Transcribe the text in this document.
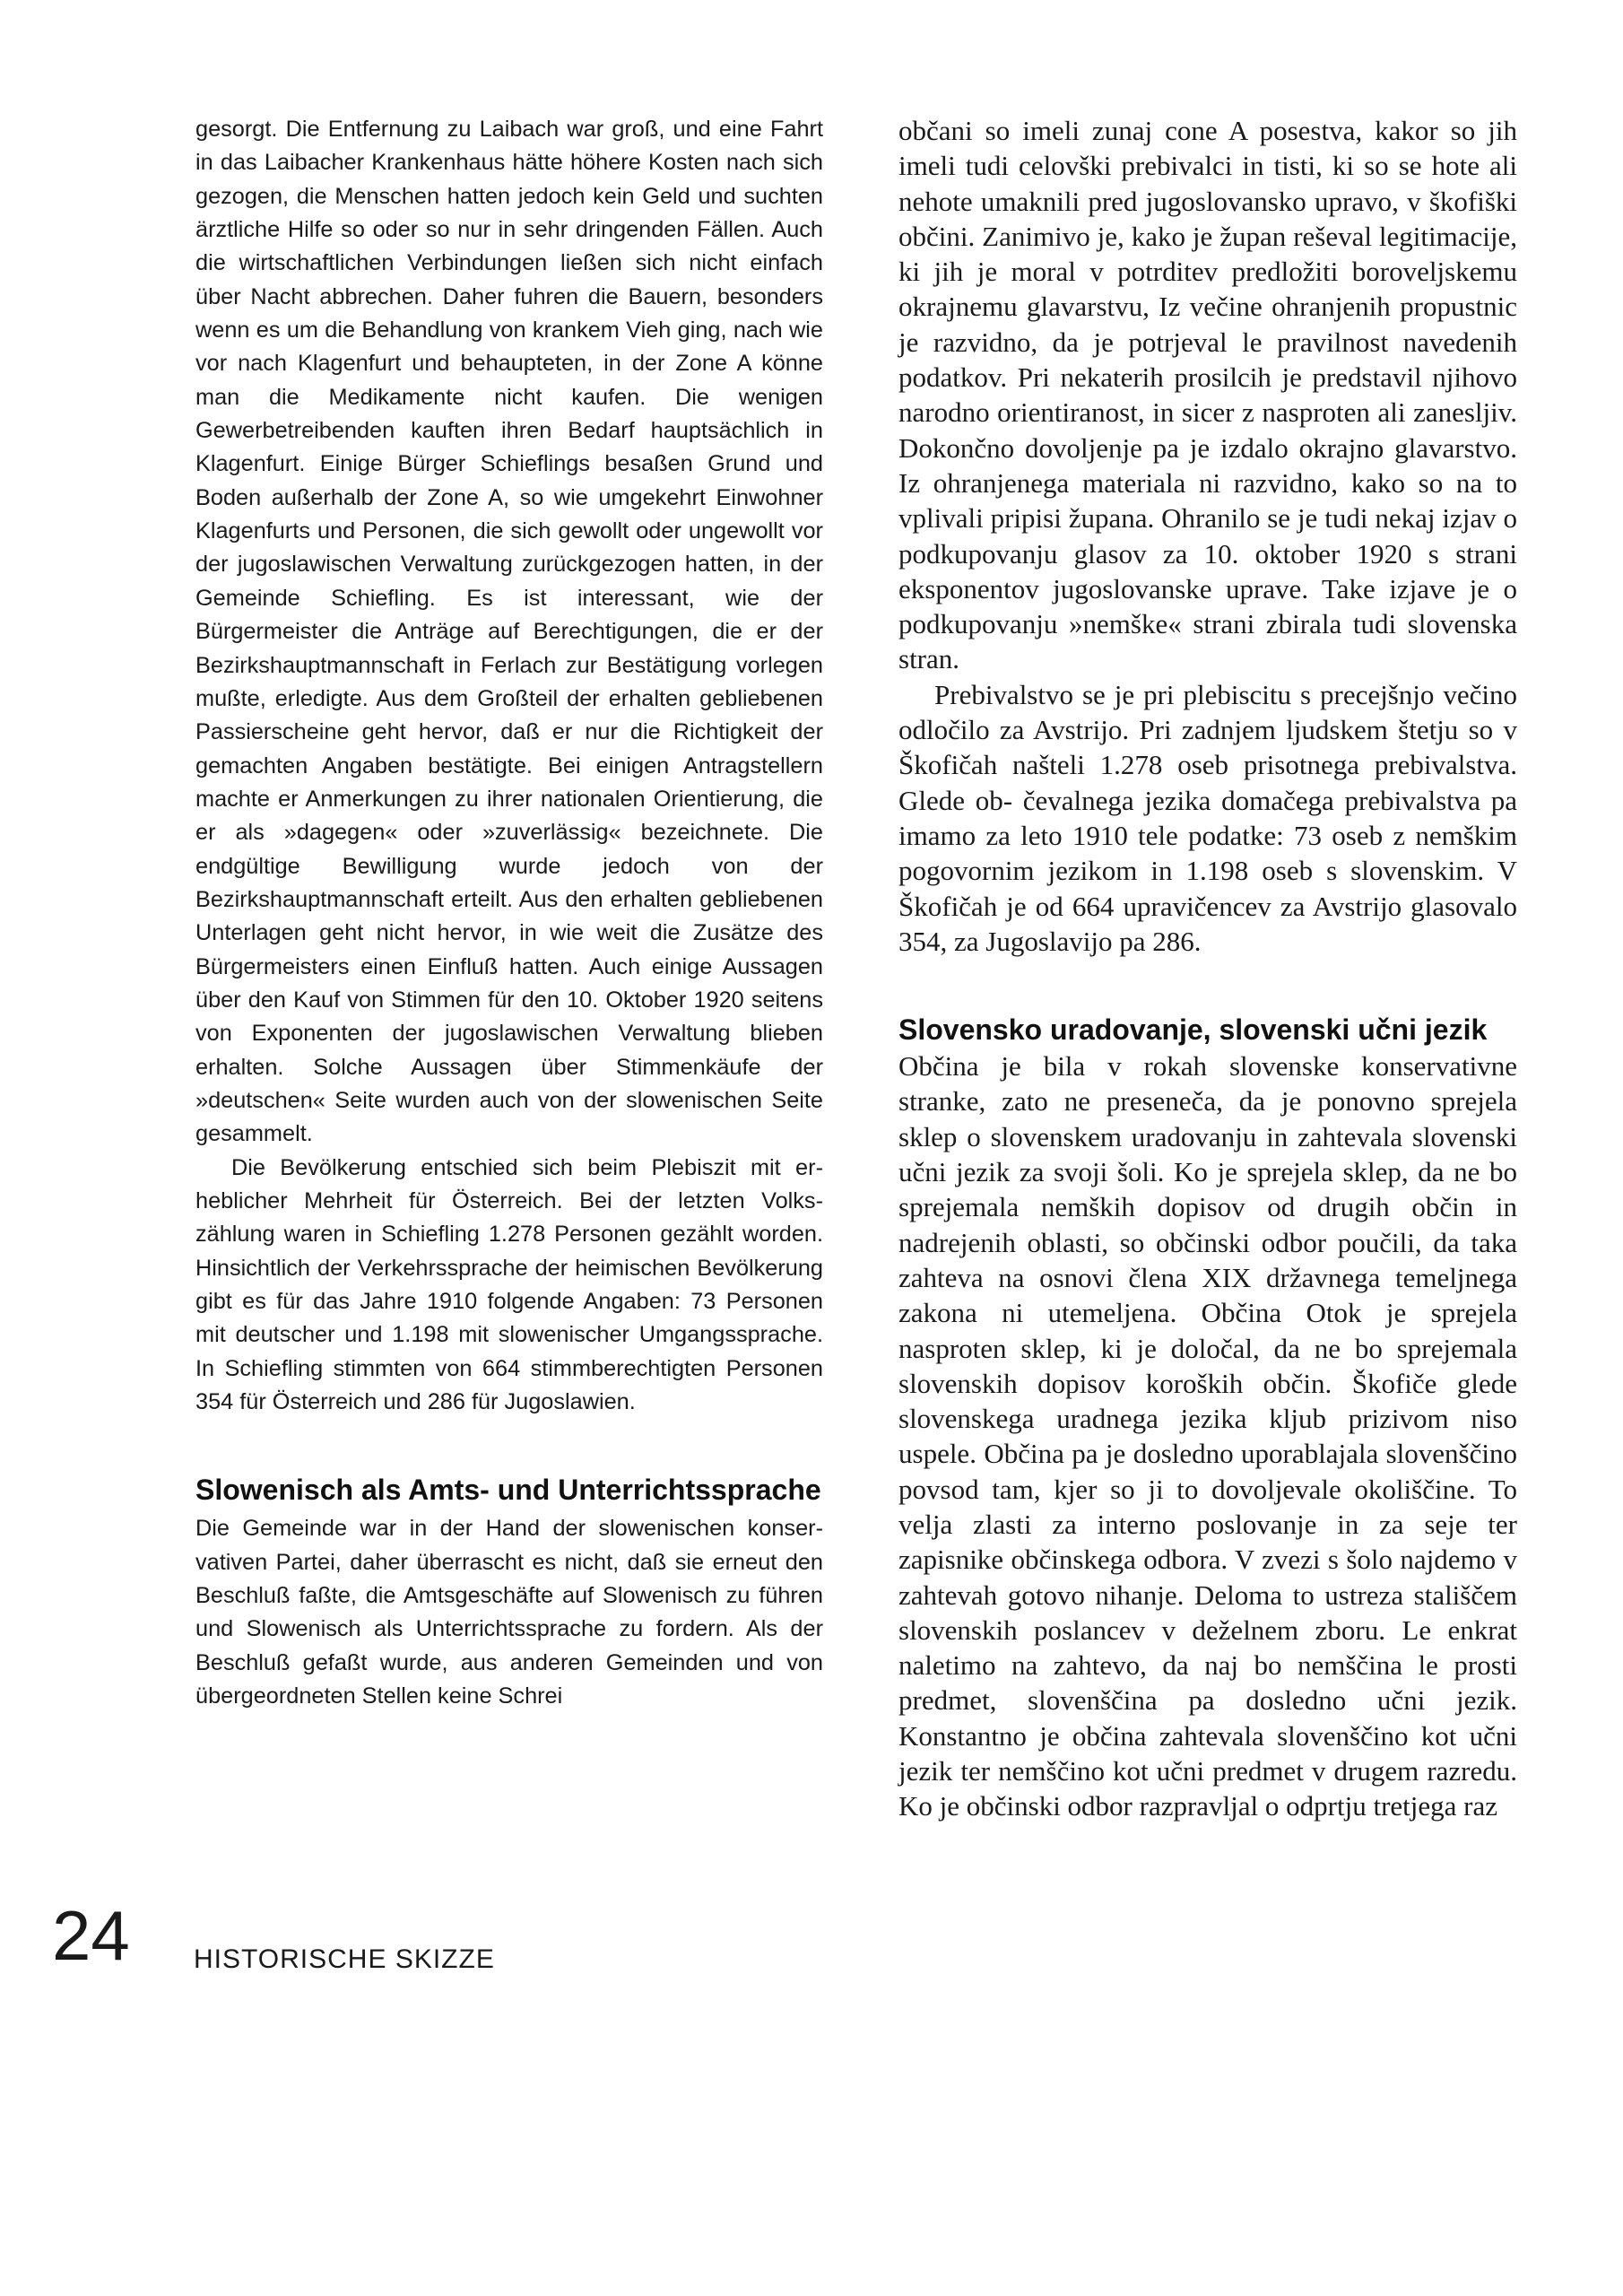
gesorgt. Die Entfernung zu Laibach war groß, und eine Fahrt in das Laibacher Krankenhaus hätte höhere Kosten nach sich gezogen, die Menschen hatten jedoch kein Geld und suchten ärztliche Hilfe so oder so nur in sehr dringenden Fällen. Auch die wirtschaftlichen Verbindungen ließen sich nicht einfach über Nacht abbrechen. Daher fuhren die Bauern, besonders wenn es um die Behandlung von krankem Vieh ging, nach wie vor nach Klagenfurt und behaupteten, in der Zone A könne man die Medikamente nicht kaufen. Die wenigen Gewerbetreibenden kauften ihren Bedarf hauptsächlich in Klagenfurt. Einige Bürger Schieflings besaßen Grund und Boden außerhalb der Zone A, so wie umgekehrt Einwohner Klagenfurts und Personen, die sich gewollt oder ungewollt vor der jugoslawischen Verwaltung zurückgezogen hatten, in der Gemeinde Schiefling. Es ist interessant, wie der Bürgermeister die Anträge auf Berechtigungen, die er der Bezirkshauptmannschaft in Ferlach zur Bestätigung vorlegen mußte, erledigte. Aus dem Großteil der erhalten gebliebenen Passierscheine geht hervor, daß er nur die Richtigkeit der gemachten Angaben bestätigte. Bei einigen Antragstellern machte er Anmerkungen zu ihrer nationalen Orientierung, die er als »dagegen« oder »zuverlässig« bezeichnete. Die endgültige Bewilligung wurde jedoch von der Bezirkshauptmannschaft erteilt. Aus den erhalten gebliebenen Unterlagen geht nicht hervor, in wie weit die Zusätze des Bürgermeisters einen Einfluß hatten. Auch einige Aussagen über den Kauf von Stimmen für den 10. Oktober 1920 seitens von Exponenten der jugoslawischen Verwaltung blieben erhalten. Solche Aussagen über Stimmenkäufe der »deutschen« Seite wurden auch von der slowenischen Seite gesammelt.

Die Bevölkerung entschied sich beim Plebiszit mit erheblicher Mehrheit für Österreich. Bei der letzten Volkszählung waren in Schiefling 1.278 Personen gezählt worden. Hinsichtlich der Verkehrssprache der heimischen Bevölkerung gibt es für das Jahre 1910 folgende Angaben: 73 Personen mit deutscher und 1.198 mit slowenischer Umgangssprache. In Schiefling stimmten von 664 stimmberechtigten Personen 354 für Österreich und 286 für Jugoslawien.

Slowenisch als Amts- und Unterrichtssprache

Die Gemeinde war in der Hand der slowenischen konservativen Partei, daher überrascht es nicht, daß sie erneut den Beschluß faßte, die Amtsgeschäfte auf Slowenisch zu führen und Slowenisch als Unterrichtssprache zu fordern. Als der Beschluß gefaßt wurde, aus anderen Gemeinden und von übergeordneten Stellen keine Schrei

občani so imeli zunaj cone A posestva, kakor so jih imeli tudi celovški prebivalci in tisti, ki so se hote ali nehote umaknili pred jugoslovansko upravo, v škofiški občini. Zanimivo je, kako je župan reševal legitimacije, ki jih je moral v potrditev predložiti boroveljskemu okrajnemu glavarstvu, Iz večine ohranjenih propustnic je razvidno, da je potrjeval le pravilnost navedenih podatkov. Pri nekaterih prosilcih je predstavil njihovo narodno orientiranost, in sicer z nasproten ali zanesljiv. Dokončno dovoljenje pa je izdalo okrajno glavarstvo. Iz ohranjenega materiala ni razvidno, kako so na to vplivali pripisi župana. Ohranilo se je tudi nekaj izjav o podkupovanju glasov za 10. oktober 1920 s strani eksponentov jugoslovanske uprave. Take izjave je o podkupovanju »nemške« strani zbirala tudi slovenska stran.

Prebivalstvo se je pri plebiscitu s precejšnjo večino odločilo za Avstrijo. Pri zadnjem ljudskem štetju so v Škofičah našteli 1.278 oseb prisotnega prebivalstva. Glede ob- čevalnega jezika domačega prebivalstva pa imamo za leto 1910 tele podatke: 73 oseb z nemškim pogovornim jezikom in 1.198 oseb s slovenskim. V Škofičah je od 664 upravičencev za Avstrijo glasovalo 354, za Jugoslavijo pa 286.

Slovensko uradovanje, slovenski učni jezik

Občina je bila v rokah slovenske konservativne stranke, zato ne preseneča, da je ponovno sprejela sklep o slovenskem uradovanju in zahtevala slovenski učni jezik za svoji šoli. Ko je sprejela sklep, da ne bo sprejemala nemških dopisov od drugih občin in nadrejenih oblasti, so občinski odbor poučili, da taka zahteva na osnovi člena XIX državnega temeljnega zakona ni utemeljena. Občina Otok je sprejela nasproten sklep, ki je določal, da ne bo sprejemala slovenskih dopisov koroških občin. Škofiče glede slovenskega uradnega jezika kljub prizivom niso uspele. Občina pa je dosledno uporablajala slovenščino povsod tam, kjer so ji to dovoljevale okoliščine. To velja zlasti za interno poslovanje in za seje ter zapisnike občinskega odbora. V zvezi s šolo najdemo v zahtevah gotovo nihanje. Deloma to ustreza stališčem slovenskih poslancev v deželnem zboru. Le enkrat naletimo na zahtevo, da naj bo nemščina le prosti predmet, slovenščina pa dosledno učni jezik. Konstantno je občina zahtevala slovenščino kot učni jezik ter nemščino kot učni predmet v drugem razredu. Ko je občinski odbor razpravljal o odprtju tretjega raz

24 HISTORISCHE SKIZZE
